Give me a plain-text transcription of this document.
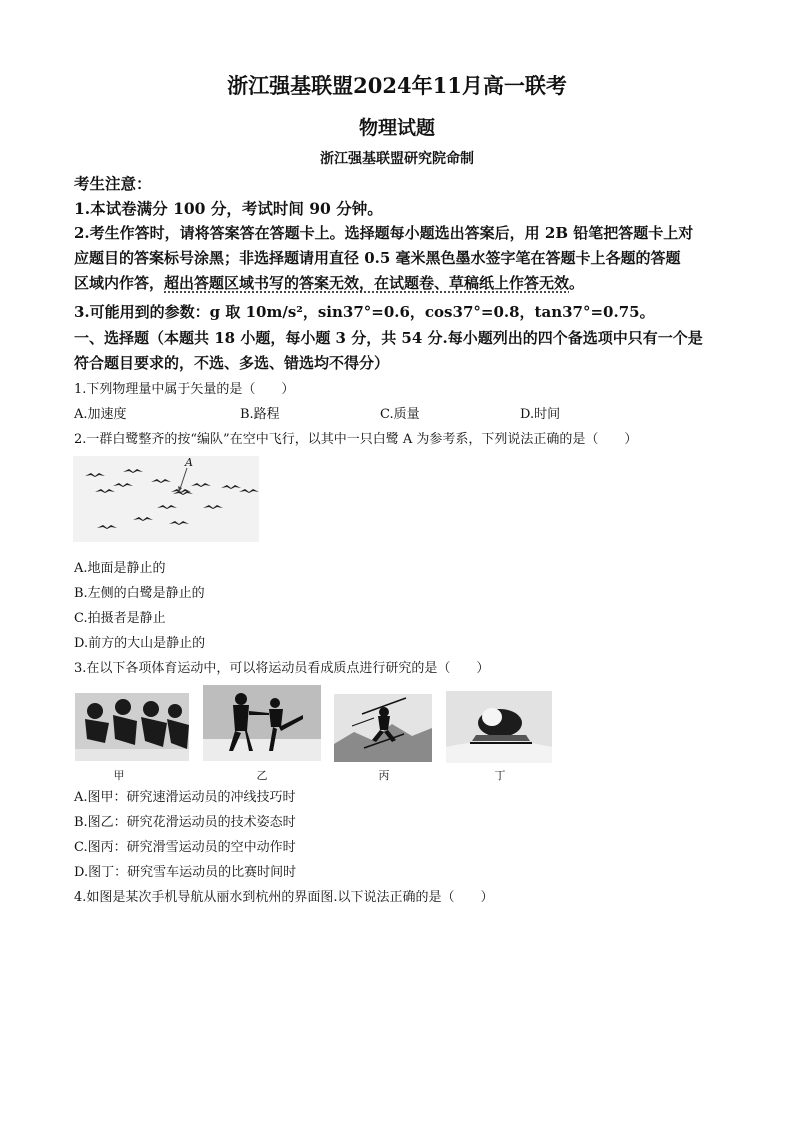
浙江强基联盟2024年11月高一联考
物理试题
浙江强基联盟研究院命制
考生注意：
1.本试卷满分 100 分，考试时间 90 分钟。
2.考生作答时，请将答案答在答题卡上。选择题每小题选出答案后，用 2B 铅笔把答题卡上对
应题目的答案标号涂黑；非选择题请用直径 0.5 毫米黑色墨水签字笔在答题卡上各题的答题
区域内作答，超出答题区域书写的答案无效，在试题卷、草稿纸上作答无效。
3.可能用到的参数：g 取 10m/s²，sin37°=0.6，cos37°=0.8，tan37°=0.75。
一、选择题（本题共 18 小题，每小题 3 分，共 54 分.每小题列出的四个备选项中只有一个是
符合题目要求的，不选、多选、错选均不得分）
1.下列物理量中属于矢量的是（　　）
A.加速度	B.路程	C.质量	D.时间
2.一群白鹭整齐的按“编队”在空中飞行，以其中一只白鹭 A 为参考系，下列说法正确的是（　　）
A
A.地面是静止的
B.左侧的白鹭是静止的
C.拍摄者是静止
D.前方的大山是静止的
3.在以下各项体育运动中，可以将运动员看成质点进行研究的是（　　）
甲	乙	丙	丁
A.图甲：研究速滑运动员的冲线技巧时
B.图乙：研究花滑运动员的技术姿态时
C.图丙：研究滑雪运动员的空中动作时
D.图丁：研究雪车运动员的比赛时间时
4.如图是某次手机导航从丽水到杭州的界面图.以下说法正确的是（　　）
